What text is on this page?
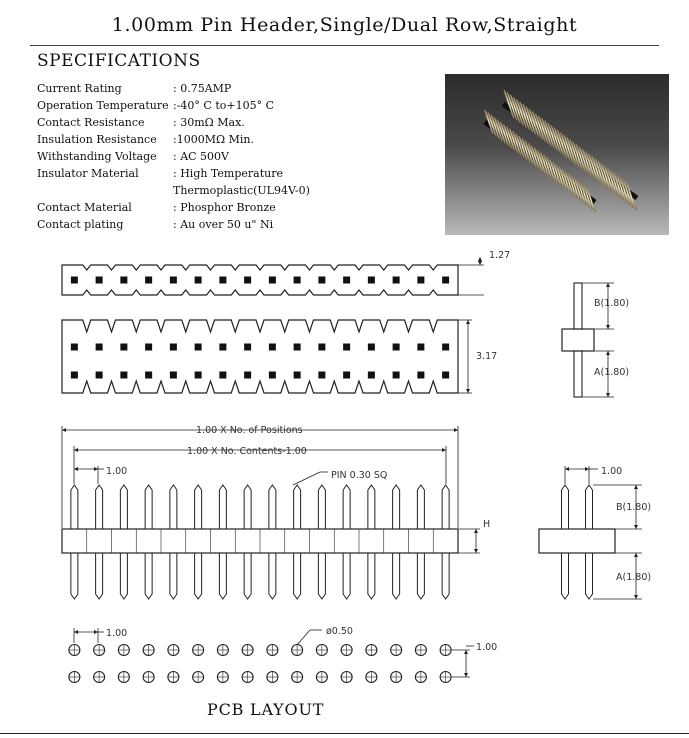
1.00mm Pin Header,Single/Dual Row,Straight
SPECIFICATIONS
Current Rating	: 0.75AMP
Operation Temperature :-40° C to+105° C
Contact Resistance	: 30mΩ Max.
Insulation Resistance	:1000MΩ Min.
Withstanding Voltage	: AC 500V
Insulator Material	: High Temperature
Thermoplastic(UL94V-0)
Contact Material	: Phosphor Bronze
Contact plating	: Au over 50 u" Ni
1.27
3.17
B(1.80)
A(1.80)
1.00 X No. of Positions
1.00 X No. Contents-1.00
1.00	PIN 0.30 SQ
H
1.00
B(1.80)
A(1.80)
1.00	ø0.50
1.00
PCB LAYOUT
